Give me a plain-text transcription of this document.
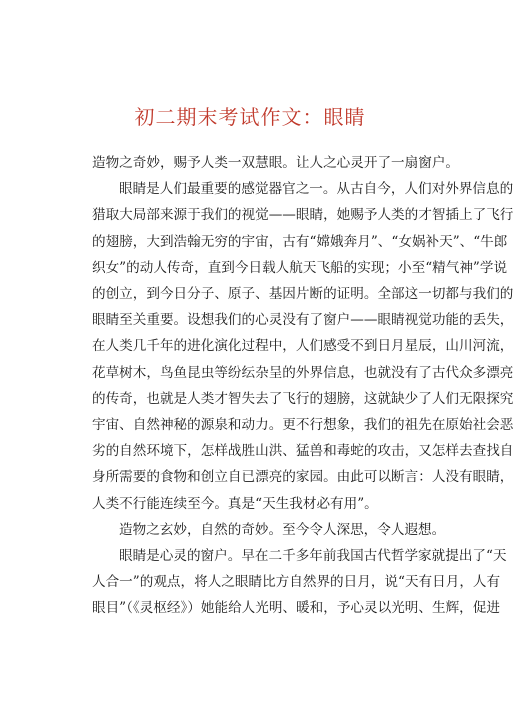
初二期末考试作文：眼睛
造物之奇妙，赐予人类一双慧眼。让人之心灵开了一扇窗户。
眼睛是人们最重要的感觉器官之一。从古自今，人们对外界信息的
猎取大局部来源于我们的视觉——眼睛，她赐予人类的才智插上了飞行
的翅膀，大到浩翰无穷的宇宙，古有“嫦娥奔月”、“女娲补天”、“牛郎
织女”的动人传奇，直到今日载人航天飞船的实现；小至“精气神”学说
的创立，到今日分子、原子、基因片断的证明。全部这一切都与我们的
眼睛至关重要。设想我们的心灵没有了窗户——眼睛视觉功能的丢失，
在人类几千年的进化演化过程中，人们感受不到日月星辰，山川河流，
花草树木，鸟鱼昆虫等纷纭杂呈的外界信息，也就没有了古代众多漂亮
的传奇，也就是人类才智失去了飞行的翅膀，这就缺少了人们无限探究
宇宙、自然神秘的源泉和动力。更不行想象，我们的祖先在原始社会恶
劣的自然环境下，怎样战胜山洪、猛兽和毒蛇的攻击，又怎样去查找自
身所需要的食物和创立自已漂亮的家园。由此可以断言：人没有眼睛，
人类不行能连续至今。真是“天生我材必有用”。
造物之玄妙，自然的奇妙。至今令人深思，令人遐想。
眼睛是心灵的窗户。早在二千多年前我国古代哲学家就提出了“天
人合一”的观点，将人之眼睛比方自然界的日月，说“天有日月，人有
眼目”（《灵枢经》）她能给人光明、暖和，予心灵以光明、生辉，促进
